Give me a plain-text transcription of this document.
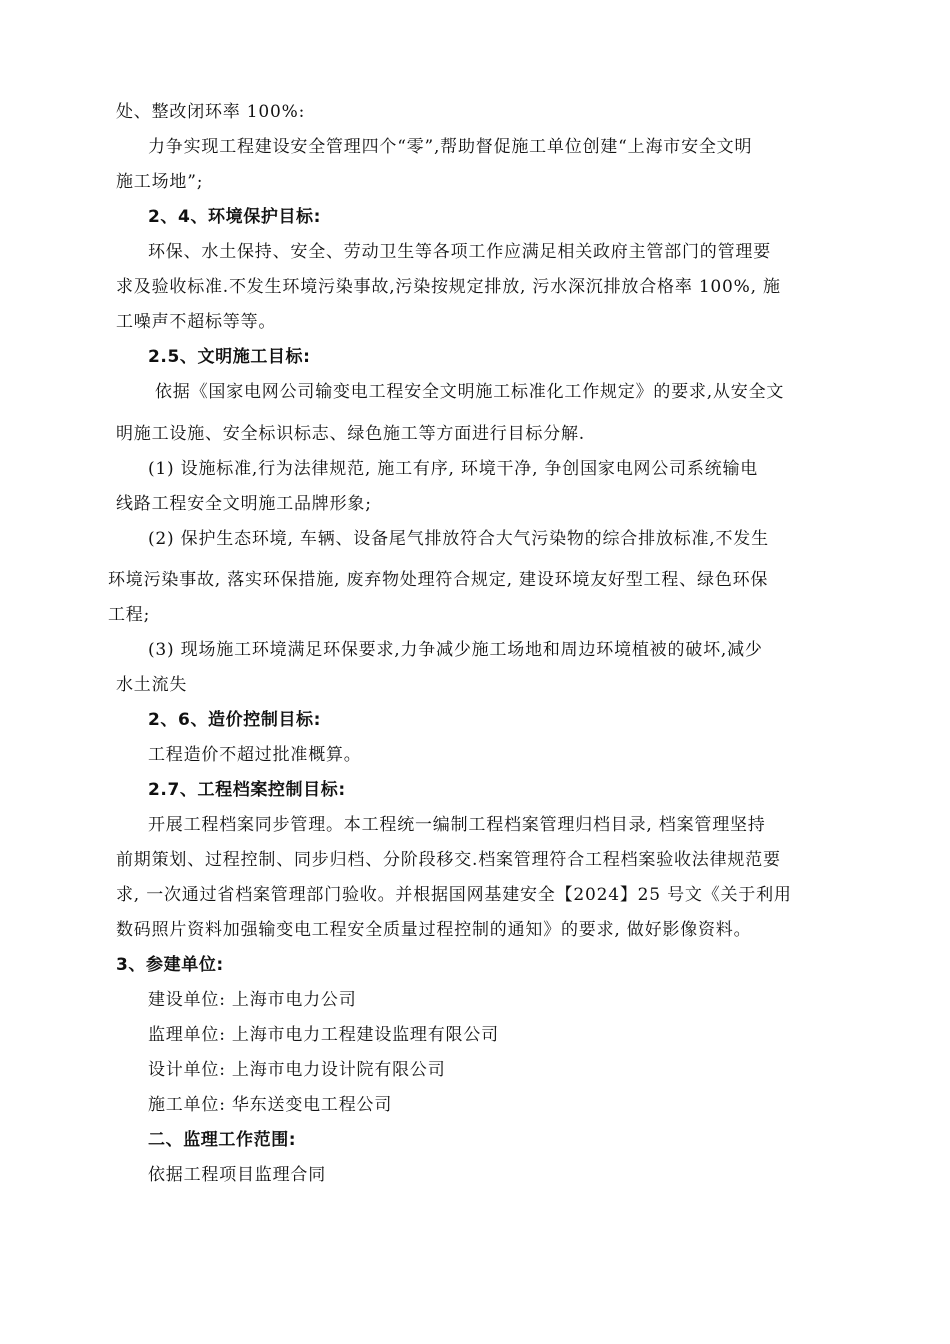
处、整改闭环率 100%:
力争实现工程建设安全管理四个“零”,帮助督促施工单位创建“上海市安全文明
施工场地”;
2、4、环境保护目标:
环保、水土保持、安全、劳动卫生等各项工作应满足相关政府主管部门的管理要
求及验收标准.不发生环境污染事故,污染按规定排放, 污水深沉排放合格率 100%, 施
工噪声不超标等等。
2.5、文明施工目标:
依据《国家电网公司输变电工程安全文明施工标准化工作规定》的要求,从安全文
明施工设施、安全标识标志、绿色施工等方面进行目标分解.
(1) 设施标准,行为法律规范, 施工有序, 环境干净, 争创国家电网公司系统输电
线路工程安全文明施工品牌形象;
(2) 保护生态环境, 车辆、设备尾气排放符合大气污染物的综合排放标准,不发生
环境污染事故, 落实环保措施, 废弃物处理符合规定, 建设环境友好型工程、绿色环保
工程;
(3) 现场施工环境满足环保要求,力争减少施工场地和周边环境植被的破坏,减少
水土流失
2、6、造价控制目标:
工程造价不超过批准概算。
2.7、工程档案控制目标:
开展工程档案同步管理。本工程统一编制工程档案管理归档目录, 档案管理坚持
前期策划、过程控制、同步归档、分阶段移交.档案管理符合工程档案验收法律规范要
求, 一次通过省档案管理部门验收。并根据国网基建安全【2024】25 号文《关于利用
数码照片资料加强输变电工程安全质量过程控制的通知》的要求, 做好影像资料。
3、参建单位:
建设单位: 上海市电力公司
监理单位: 上海市电力工程建设监理有限公司
设计单位: 上海市电力设计院有限公司
施工单位: 华东送变电工程公司
二、监理工作范围:
依据工程项目监理合同
